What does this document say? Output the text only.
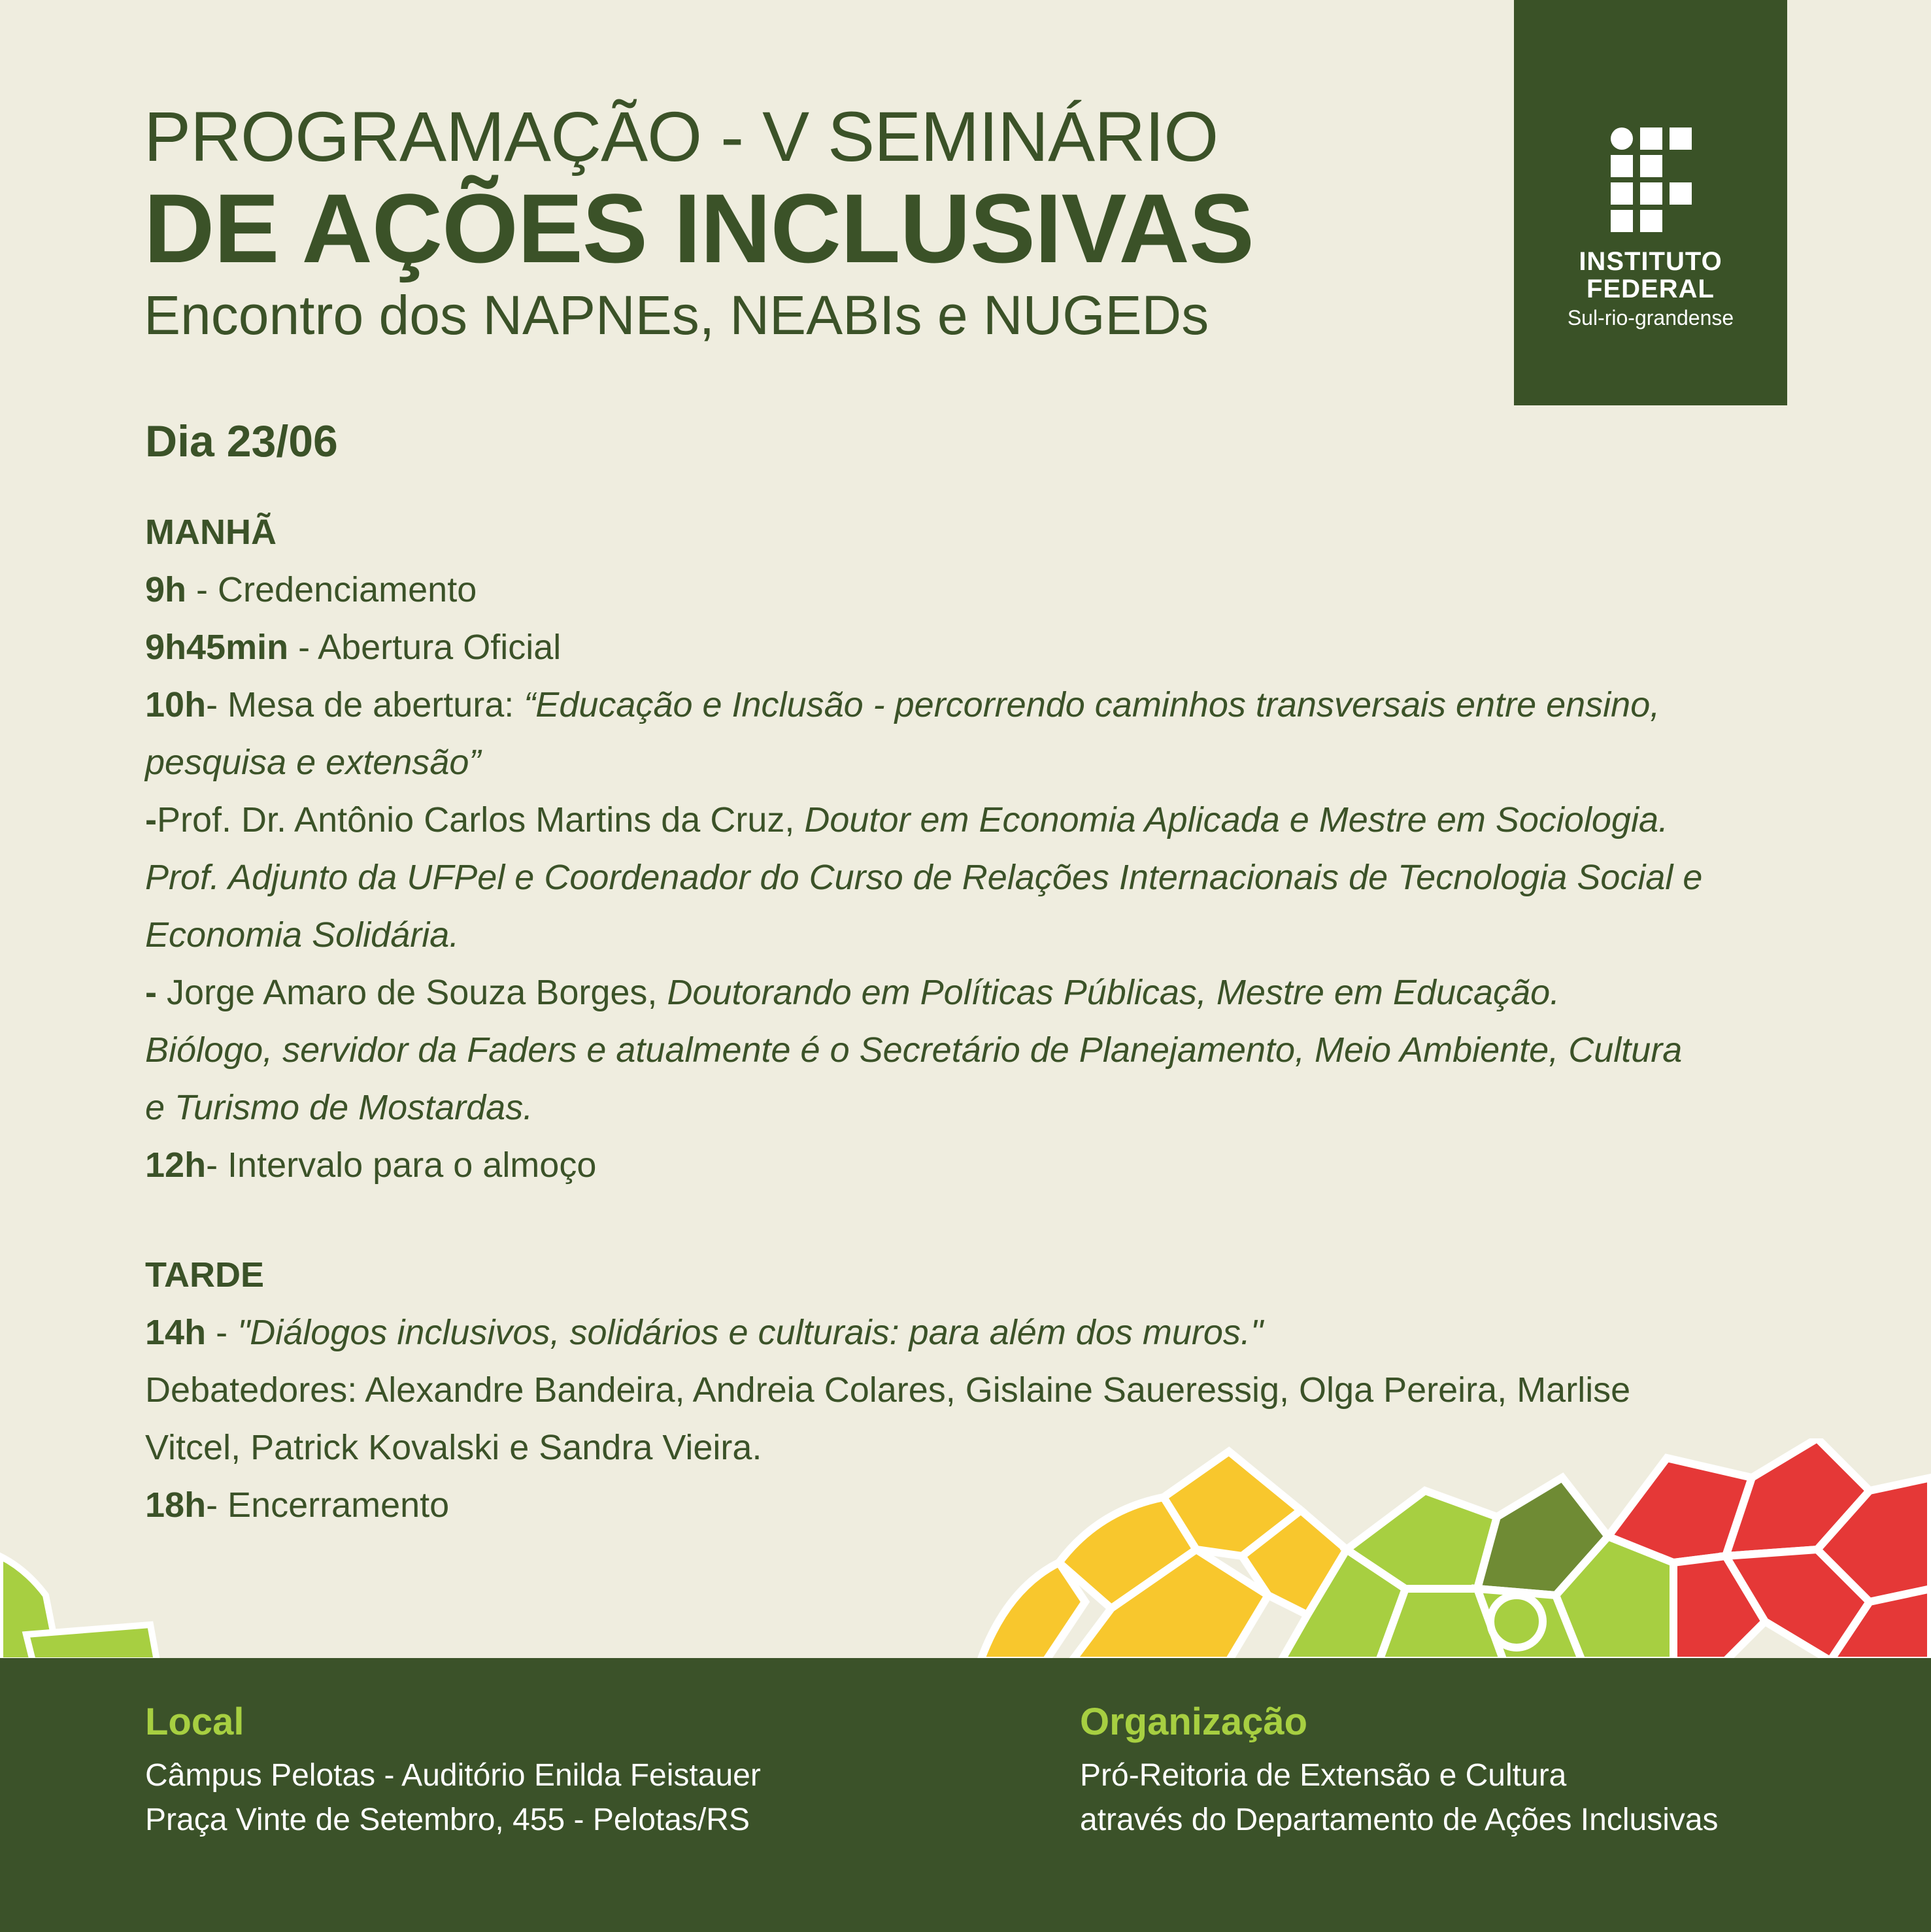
PROGRAMAÇÃO - V SEMINÁRIO
DE AÇÕES INCLUSIVAS
Encontro dos NAPNEs, NEABIs e NUGEDs
INSTITUTO
FEDERAL
Sul-rio-grandense
Dia 23/06
MANHÃ
9h - Credenciamento
9h45min - Abertura Oficial
10h- Mesa de abertura: “Educação e Inclusão - percorrendo caminhos transversais entre ensino,
pesquisa e extensão”
-Prof. Dr. Antônio Carlos Martins da Cruz, Doutor em Economia Aplicada e Mestre em Sociologia.
Prof. Adjunto da UFPel e Coordenador do Curso de Relações Internacionais de Tecnologia Social e
Economia Solidária.
- Jorge Amaro de Souza Borges, Doutorando em Políticas Públicas, Mestre em Educação.
Biólogo, servidor da Faders e atualmente é o Secretário de Planejamento, Meio Ambiente, Cultura
e Turismo de Mostardas.
12h- Intervalo para o almoço
TARDE
14h - "Diálogos inclusivos, solidários e culturais: para além dos muros."
Debatedores: Alexandre Bandeira, Andreia Colares, Gislaine Saueressig, Olga Pereira, Marlise
Vitcel, Patrick Kovalski e Sandra Vieira.
18h- Encerramento
Local
Câmpus Pelotas - Auditório Enilda Feistauer
Praça Vinte de Setembro, 455 - Pelotas/RS
Organização
Pró-Reitoria de Extensão e Cultura
através do Departamento de Ações Inclusivas
